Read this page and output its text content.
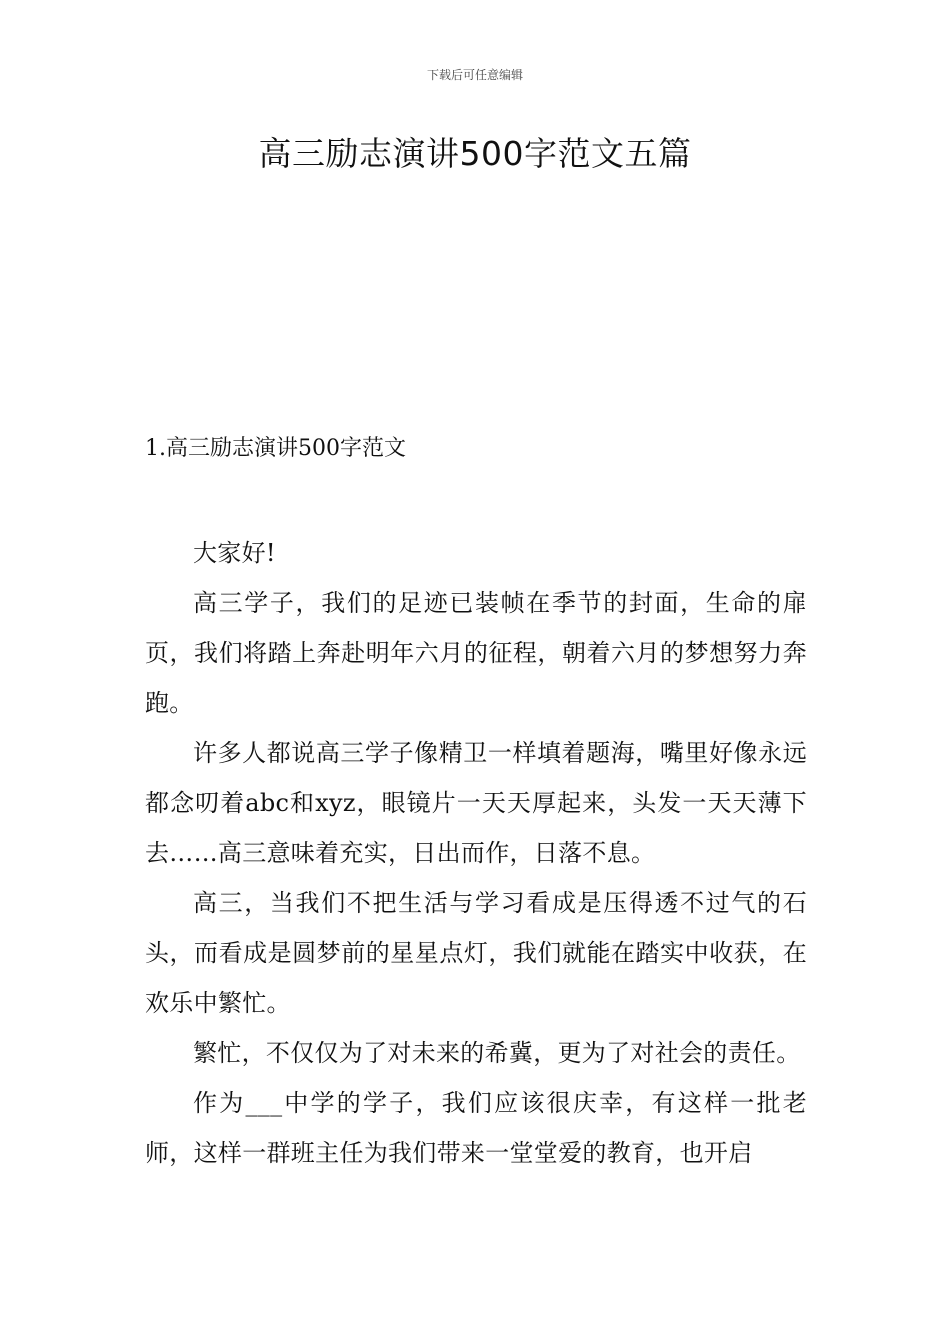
下载后可任意编辑
高三励志演讲500字范文五篇
1.高三励志演讲500字范文

大家好!

高三学子，我们的足迹已装帧在季节的封面，生命的扉页，我们将踏上奔赴明年六月的征程，朝着六月的梦想努力奔跑。

许多人都说高三学子像精卫一样填着题海，嘴里好像永远都念叨着abc和xyz，眼镜片一天天厚起来，头发一天天薄下去……高三意味着充实，日出而作，日落不息。

高三，当我们不把生活与学习看成是压得透不过气的石头，而看成是圆梦前的星星点灯，我们就能在踏实中收获，在欢乐中繁忙。

繁忙，不仅仅为了对未来的希冀，更为了对社会的责任。

作为___中学的学子，我们应该很庆幸，有这样一批老师，这样一群班主任为我们带来一堂堂爱的教育，也开启
